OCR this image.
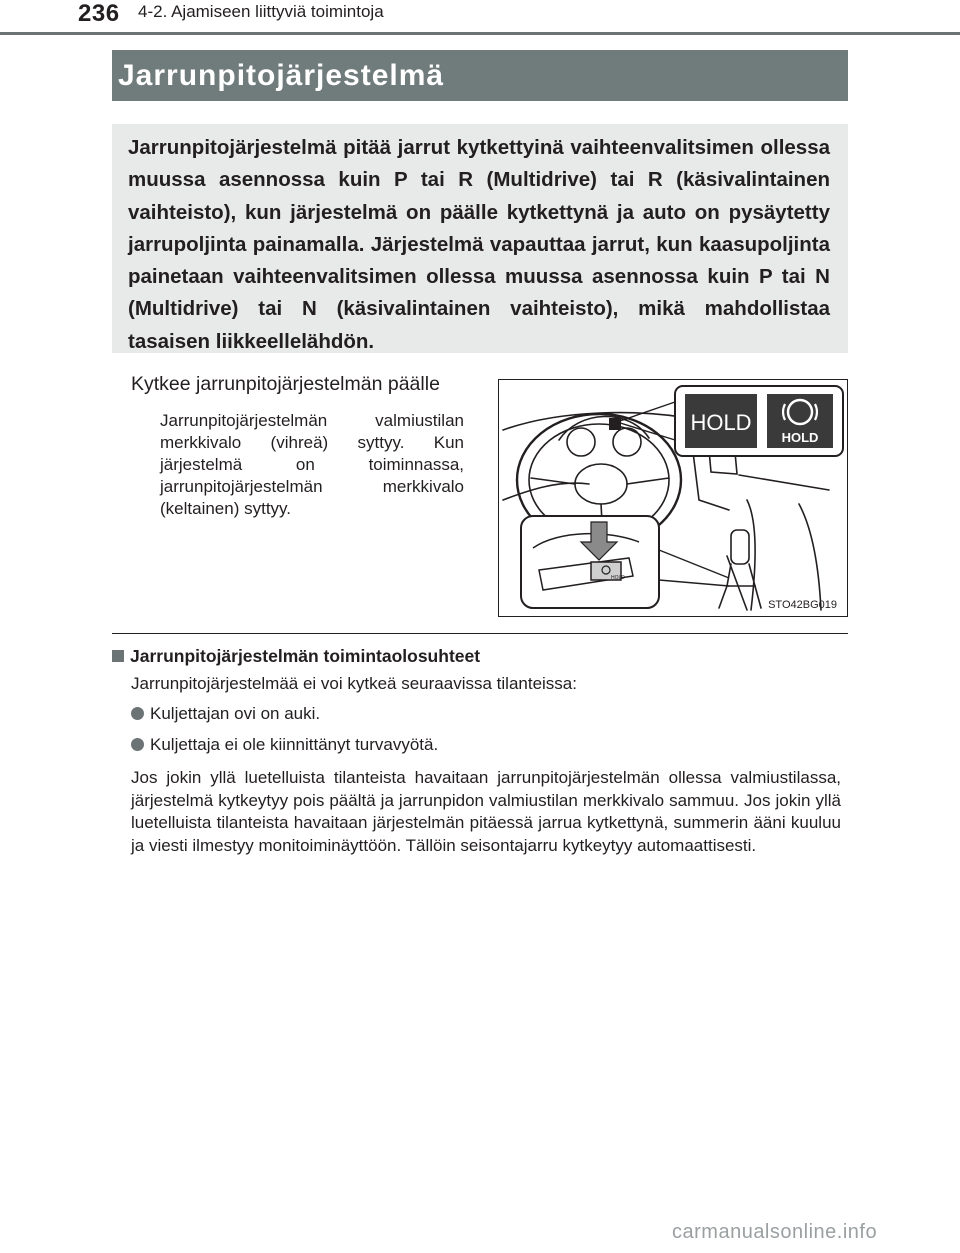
236 4-2. Ajamiseen liittyviä toimintoja
Jarrunpitojärjestelmä
Jarrunpitojärjestelmä pitää jarrut kytkettyinä vaihteenvalitsimen ollessa muussa asennossa kuin P tai R (Multidrive) tai R (käsivalintainen vaihteisto), kun järjestelmä on päälle kytkettynä ja auto on pysäytetty jarrupoljinta painamalla. Järjestelmä vapauttaa jarrut, kun kaasupoljinta painetaan vaihteenvalitsimen ollessa muussa asennossa kuin P tai N (Multidrive) tai N (käsivalintainen vaihteisto), mikä mahdollistaa tasaisen liikkeellelähdön.
Kytkee jarrunpitojärjestelmän päälle
Jarrunpitojärjestelmän valmiustilan merkkivalo (vihreä) syttyy. Kun järjestelmä on toiminnassa, jarrunpitojärjestelmän merkkivalo (keltainen) syttyy.
HOLD
HOLD
HOLD
STO42BG019
Jarrunpitojärjestelmän toimintaolosuhteet
Jarrunpitojärjestelmää ei voi kytkeä seuraavissa tilanteissa:
Kuljettajan ovi on auki.
Kuljettaja ei ole kiinnittänyt turvavyötä.
Jos jokin yllä luetelluista tilanteista havaitaan jarrunpitojärjestelmän ollessa valmiustilassa, järjestelmä kytkeytyy pois päältä ja jarrunpidon valmiustilan merkkivalo sammuu. Jos jokin yllä luetelluista tilanteista havaitaan järjestelmän pitäessä jarrua kytkettynä, summerin ääni kuuluu ja viesti ilmestyy monitoiminäyttöön. Tällöin seisontajarru kytkeytyy automaattisesti.
carmanualsonline.info
